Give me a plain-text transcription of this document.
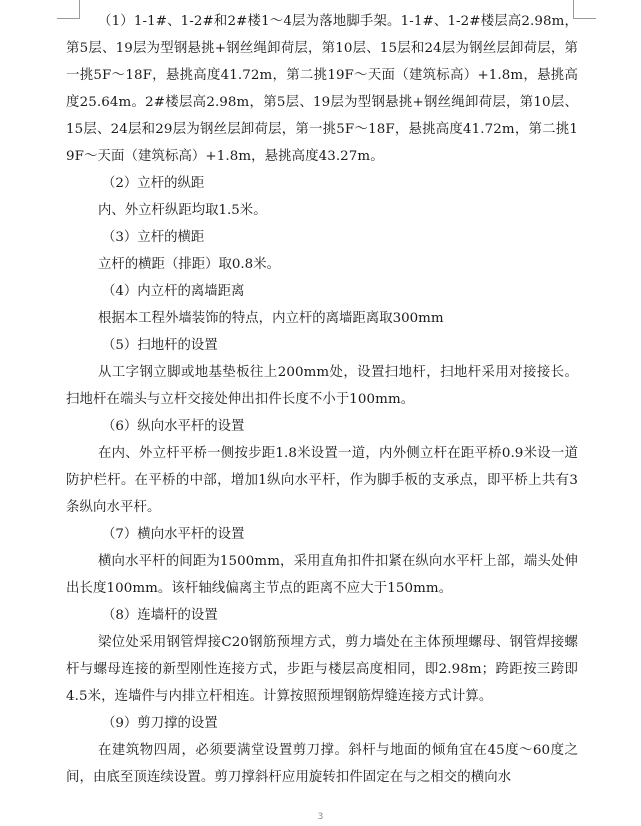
（1）1-1#、1-2#和2#楼1～4层为落地脚手架。1-1#、1-2#楼层高2.98m，第5层、19层为型钢悬挑+钢丝绳卸荷层，第10层、15层和24层为钢丝层卸荷层，第一挑5F～18F，悬挑高度41.72m，第二挑19F～天面（建筑标高）+1.8m，悬挑高度25.64m。2#楼层高2.98m，第5层、19层为型钢悬挑+钢丝绳卸荷层，第10层、15层、24层和29层为钢丝层卸荷层，第一挑5F～18F，悬挑高度41.72m，第二挑19F～天面（建筑标高）+1.8m，悬挑高度43.27m。

（2）立杆的纵距

内、外立杆纵距均取1.5米。

（3）立杆的横距

立杆的横距（排距）取0.8米。

（4）内立杆的离墙距离

根据本工程外墙装饰的特点，内立杆的离墙距离取300mm

（5）扫地杆的设置

从工字钢立脚或地基垫板往上200mm处，设置扫地杆，扫地杆采用对接接长。扫地杆在端头与立杆交接处伸出扣件长度不小于100mm。

（6）纵向水平杆的设置

在内、外立杆平桥一侧按步距1.8米设置一道，内外侧立杆在距平桥0.9米设一道防护栏杆。在平桥的中部，增加1纵向水平杆，作为脚手板的支承点，即平桥上共有3条纵向水平杆。

（7）横向水平杆的设置

横向水平杆的间距为1500mm，采用直角扣件扣紧在纵向水平杆上部，端头处伸出长度100mm。该杆轴线偏离主节点的距离不应大于150mm。

（8）连墙杆的设置

梁位处采用钢管焊接C20钢筋预埋方式，剪力墙处在主体预埋螺母、钢管焊接螺杆与螺母连接的新型刚性连接方式，步距与楼层高度相同，即2.98m；跨距按三跨即4.5米，连墙件与内排立杆相连。计算按照预埋钢筋焊缝连接方式计算。

（9）剪刀撑的设置

在建筑物四周，必须要满堂设置剪刀撑。斜杆与地面的倾角宜在45度～60度之间，由底至顶连续设置。剪刀撑斜杆应用旋转扣件固定在与之相交的横向水

3
